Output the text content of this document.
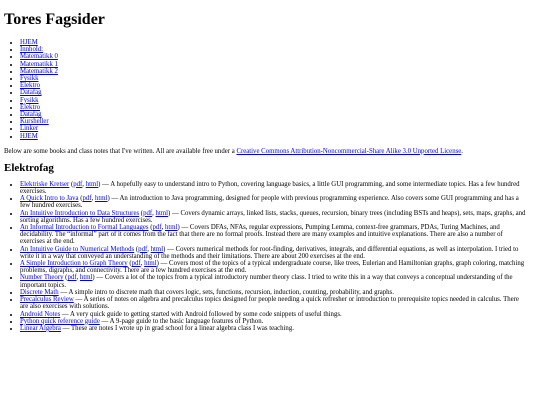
Tores Fagsider
• HJEM
• Innhold:
• Matematikk 0
• Matematikk 1
• Matematikk 2
• Fysikk
• Elektro
• Datafag
• Fysikk
• Elektro
• Datafag
• Kursheller
• Linker
• HJEM

Below are some books and class notes that I've written. All are available free under a Creative Commons Attribution-Noncommercial-Share Alike 3.0 Unported License.

Elektrofag
• Elektriske Kretser (pdf, html) — A hopefully easy to understand intro to Python, covering language basics, a little GUI programming, and some intermediate topics. Has a few hundred exercises.
• A Quick Intro to Java (pdf, html) — An introduction to Java programming, designed for people with previous programming experience. Also covers some GUI programming and has a few hundred exercises.
• An Intuitive Introduction to Data Structures (pdf, html) — Covers dynamic arrays, linked lists, stacks, queues, recursion, binary trees (including BSTs and heaps), sets, maps, graphs, and sorting algorithms. Has a few hundred exercises.
• An Informal Introduction to Formal Languages (pdf, html) — Covers DFAs, NFAs, regular expressions, Pumping Lemma, context-free grammars, PDAs, Turing Machines, and decidability. The “informal” part of it comes from the fact that there are no formal proofs. Instead there are many examples and intuitive explanations. There are also a number of exercises at the end.
• An Intuitive Guide to Numerical Methods (pdf, html) — Covers numerical methods for root-finding, derivatives, integrals, and differential equations, as well as interpolation. I tried to write it in a way that conveyed an understanding of the methods and their limitations. There are about 200 exercises at the end.
• A Simple Introduction to Graph Theory (pdf, html) — Covers most of the topics of a typical undergraduate course, like trees, Eulerian and Hamiltonian graphs, graph coloring, matching problems, digraphs, and connectivity. There are a few hundred exercises at the end.
• Number Theory (pdf, html) — Covers a lot of the topics from a typical introductory number theory class. I tried to write this in a way that conveys a conceptual understanding of the important topics.
• Discrete Math — A simple intro to discrete math that covers logic, sets, functions, recursion, induction, counting, probability, and graphs.
• Precalculus Review — A series of notes on algebra and precalculus topics designed for people needing a quick refresher or introduction to prerequisite topics needed in calculus. There are also exercises with solutions.
• Android Notes — A very quick guide to getting started with Android followed by some code snippets of useful things.
• Python quick reference guide — A 9-page guide to the basic language features of Python.
• Linear Algebra — These are notes I wrote up in grad school for a linear algebra class I was teaching.
